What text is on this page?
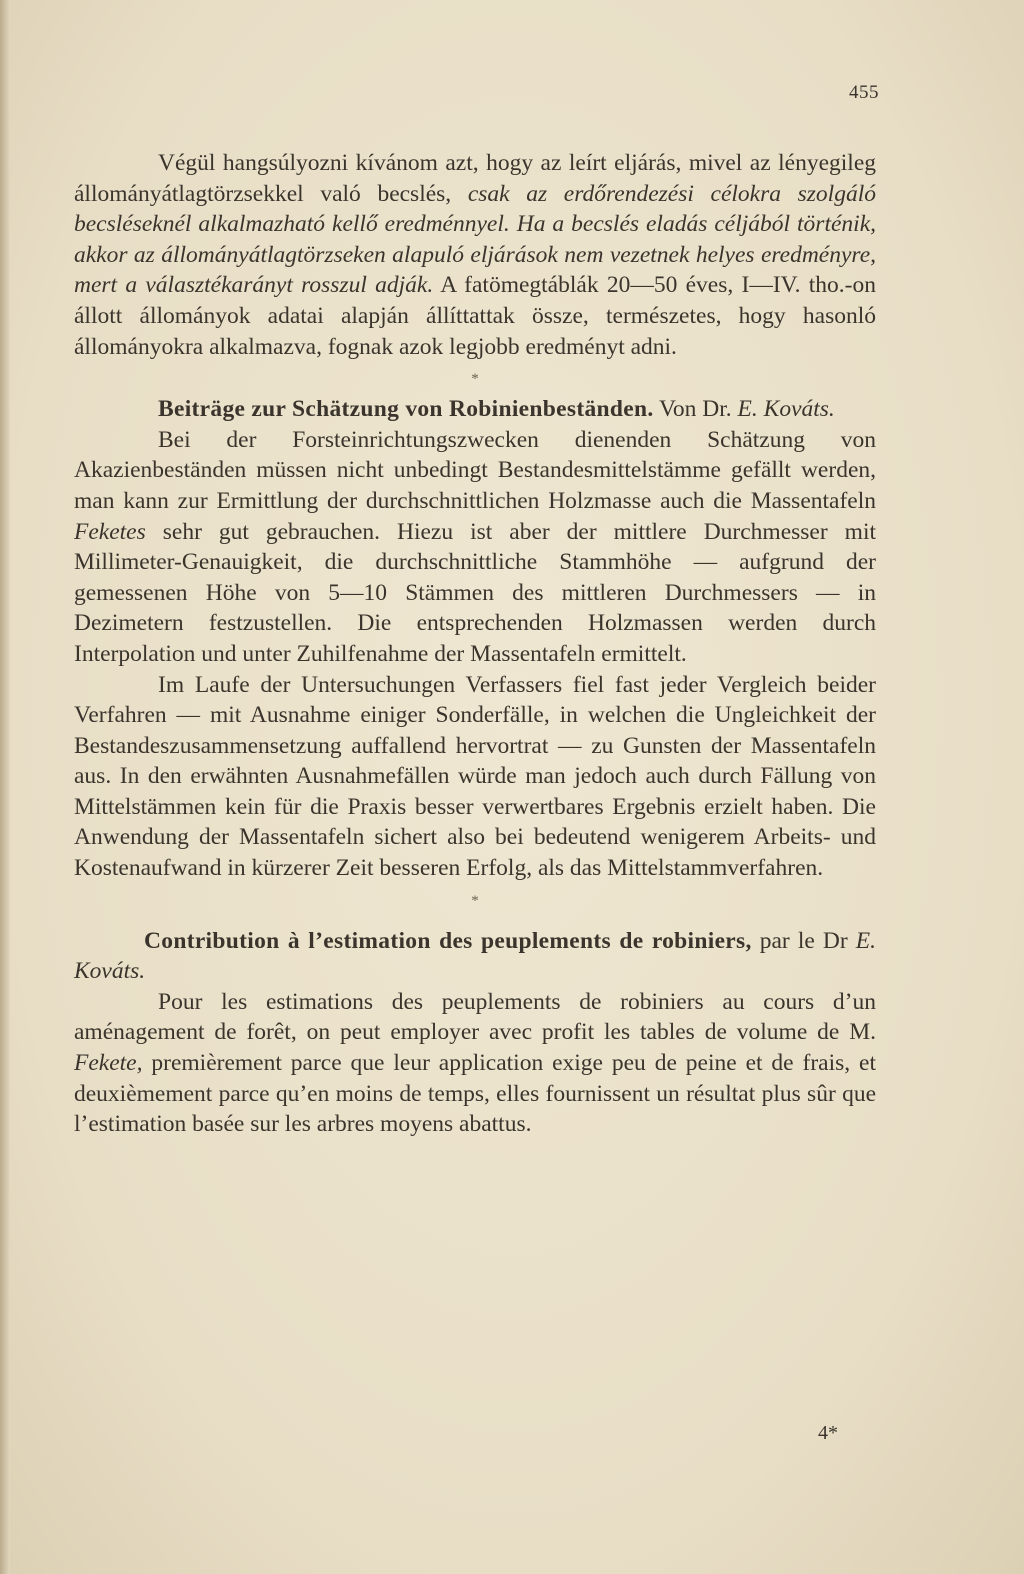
455

Végül hangsúlyozni kívánom azt, hogy az leírt eljárás, mivel az lényegileg állományátlagtörzsekkel való becslés, csak az erdőrendezési célokra szolgáló becsléseknél alkalmazható kellő eredménnyel. Ha a becslés eladás céljából történik, akkor az állományátlagtörzseken alapuló eljárások nem vezetnek helyes eredményre, mert a választékarányt rosszul adják. A fatömegtáblák 20—50 éves, I—IV. tho.-on állott állományok adatai alapján állíttattak össze, természetes, hogy hasonló állományokra alkalmazva, fognak azok legjobb eredményt adni.

*

Beiträge zur Schätzung von Robinienbeständen. Von Dr. E. Kováts.

Bei der Forsteinrichtungszwecken dienenden Schätzung von Akazienbeständen müssen nicht unbedingt Bestandesmittelstämme gefällt werden, man kann zur Ermittlung der durchschnittlichen Holzmasse auch die Massentafeln Feketes sehr gut gebrauchen. Hiezu ist aber der mittlere Durchmesser mit Millimeter-Genauigkeit, die durchschnittliche Stammhöhe — aufgrund der gemessenen Höhe von 5—10 Stämmen des mittleren Durchmessers — in Dezimetern festzustellen. Die entsprechenden Holzmassen werden durch Interpolation und unter Zuhilfenahme der Massentafeln ermittelt.

Im Laufe der Untersuchungen Verfassers fiel fast jeder Vergleich beider Verfahren — mit Ausnahme einiger Sonderfälle, in welchen die Ungleichkeit der Bestandeszusammensetzung auffallend hervortrat — zu Gunsten der Massentafeln aus. In den erwähnten Ausnahmefällen würde man jedoch auch durch Fällung von Mittelstämmen kein für die Praxis besser verwertbares Ergebnis erzielt haben. Die Anwendung der Massentafeln sichert also bei bedeutend wenigerem Arbeits- und Kostenaufwand in kürzerer Zeit besseren Erfolg, als das Mittelstammverfahren.

*

Contribution à l’estimation des peuplements de robiniers, par le Dr E. Kováts.

Pour les estimations des peuplements de robiniers au cours d’un aménagement de forêt, on peut employer avec profit les tables de volume de M. Fekete, premièrement parce que leur application exige peu de peine et de frais, et deuxièmement parce qu’en moins de temps, elles fournissent un résultat plus sûr que l’estimation basée sur les arbres moyens abattus.

4*
